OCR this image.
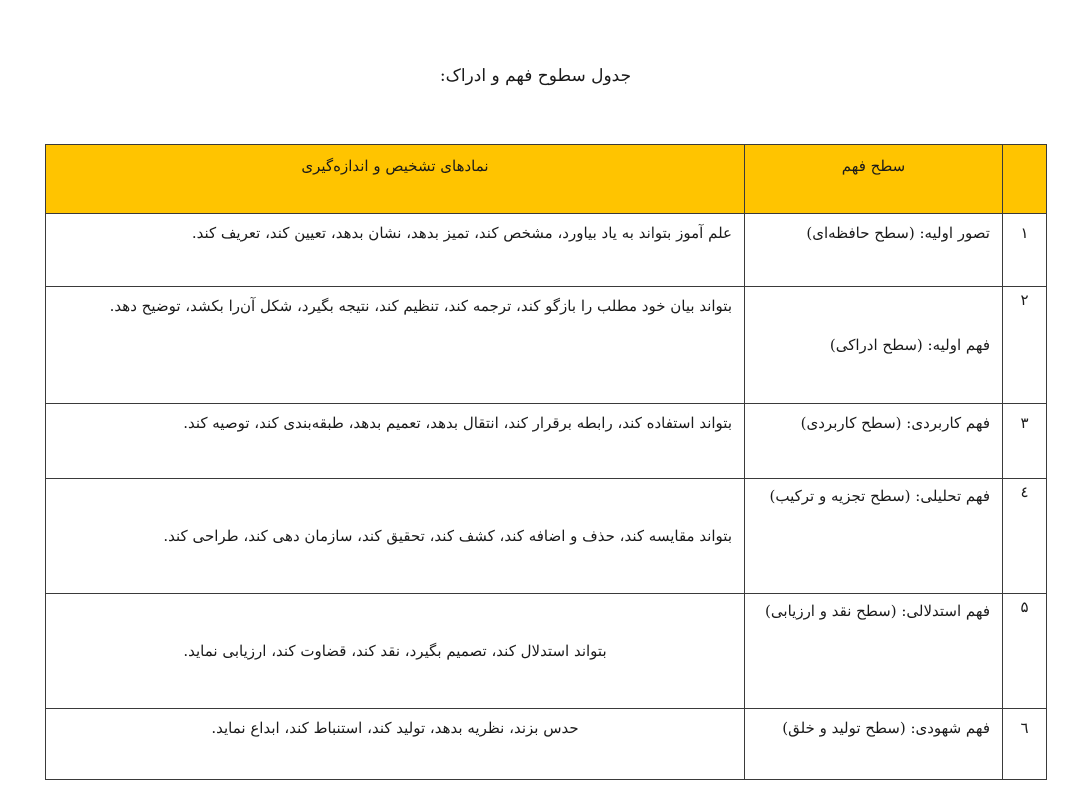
جدول سطوح فهم و ادراک:
	سطح فهم	نمادهای تشخیص و اندازه‌گیری
۱	تصور اولیه: (سطح حافظه‌ای)	علم آموز بتواند به یاد بیاورد، مشخص کند، تمیز بدهد، نشان بدهد، تعیین کند، تعریف کند.
۲	فهم اولیه: (سطح ادراکی)	بتواند بیان خود مطلب را بازگو کند، ترجمه کند، تنظیم کند، نتیجه بگیرد، شکل آن‌را بکشد، توضیح دهد.
۳	فهم کاربردی: (سطح کاربردی)	بتواند استفاده کند، رابطه برقرار کند، انتقال بدهد، تعمیم بدهد، طبقه‌بندی کند، توصیه کند.
٤	فهم تحلیلی: (سطح تجزیه و ترکیب)	بتواند مقایسه کند، حذف و اضافه کند، کشف کند، تحقیق کند، سازمان دهی کند، طراحی کند.
۵	فهم استدلالی: (سطح نقد و ارزیابی)	بتواند استدلال کند، تصمیم بگیرد، نقد کند، قضاوت کند، ارزیابی نماید.
٦	فهم شهودی: (سطح تولید و خلق)	حدس بزند، نظریه بدهد، تولید کند، استنباط کند، ابداع نماید.
